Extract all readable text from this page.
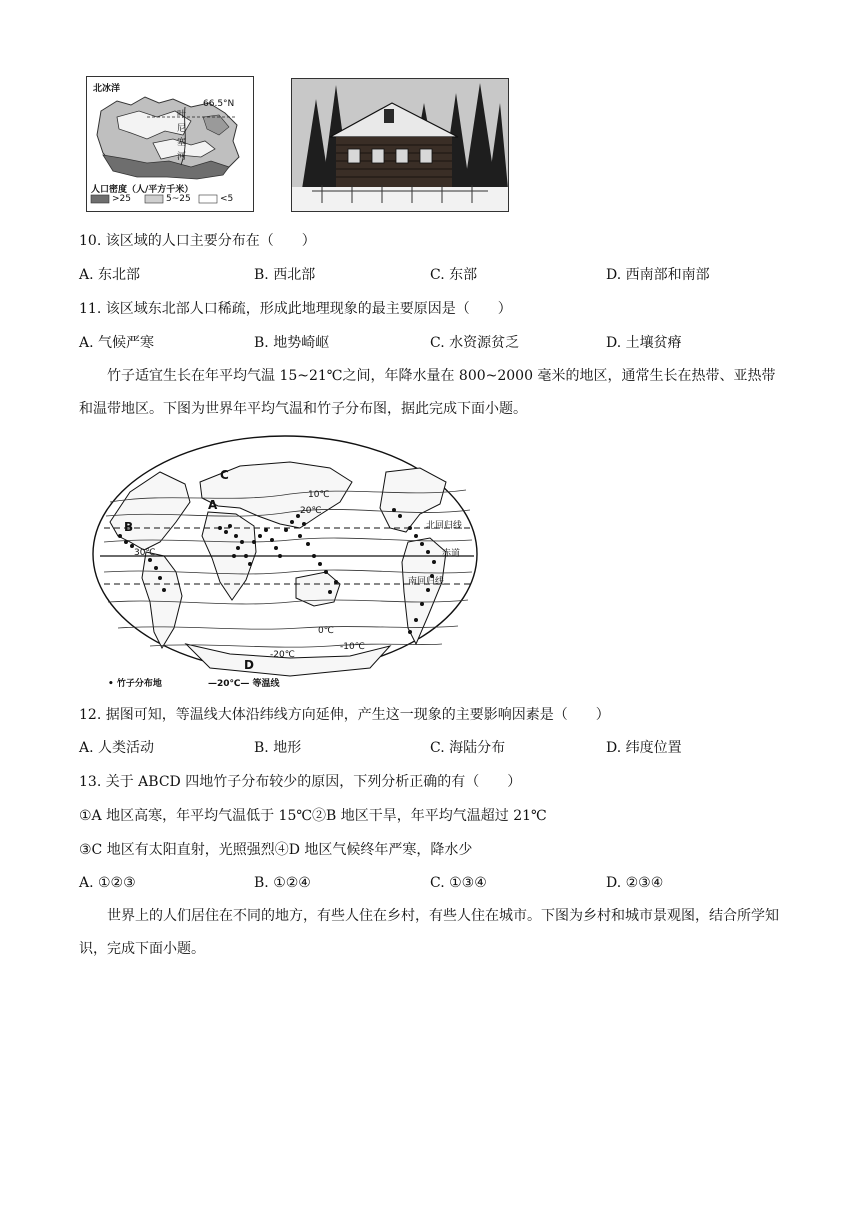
北冰洋
66.5°N
叶
尼
塞
河
人口密度（人/平方千米）
>25	5~25	<5
10. 该区域的人口主要分布在（　　）
A. 东北部	B. 西北部	C. 东部	D. 西南部和南部
11. 该区域东北部人口稀疏，形成此地理现象的最主要原因是（　　）
A. 气候严寒	B. 地势崎岖	C. 水资源贫乏	D. 土壤贫瘠
竹子适宜生长在年平均气温 15~21℃之间，年降水量在 800~2000 毫米的地区，通常生长在热带、亚热带和温带地区。下图为世界年平均气温和竹子分布图，据此完成下面小题。
A
B
C
D
30℃
20℃
10℃
0℃
-10℃
-20℃
北回归线
赤道
南回归线
• 竹子分布地	—20℃— 等温线
12. 据图可知，等温线大体沿纬线方向延伸，产生这一现象的主要影响因素是（　　）
A. 人类活动	B. 地形	C. 海陆分布	D. 纬度位置
13. 关于 ABCD 四地竹子分布较少的原因，下列分析正确的有（　　）
①A 地区高寒，年平均气温低于 15℃②B 地区干旱，年平均气温超过 21℃
③C 地区有太阳直射，光照强烈④D 地区气候终年严寒，降水少
A. ①②③	B. ①②④	C. ①③④	D. ②③④
世界上的人们居住在不同的地方，有些人住在乡村，有些人住在城市。下图为乡村和城市景观图，结合所学知识，完成下面小题。
